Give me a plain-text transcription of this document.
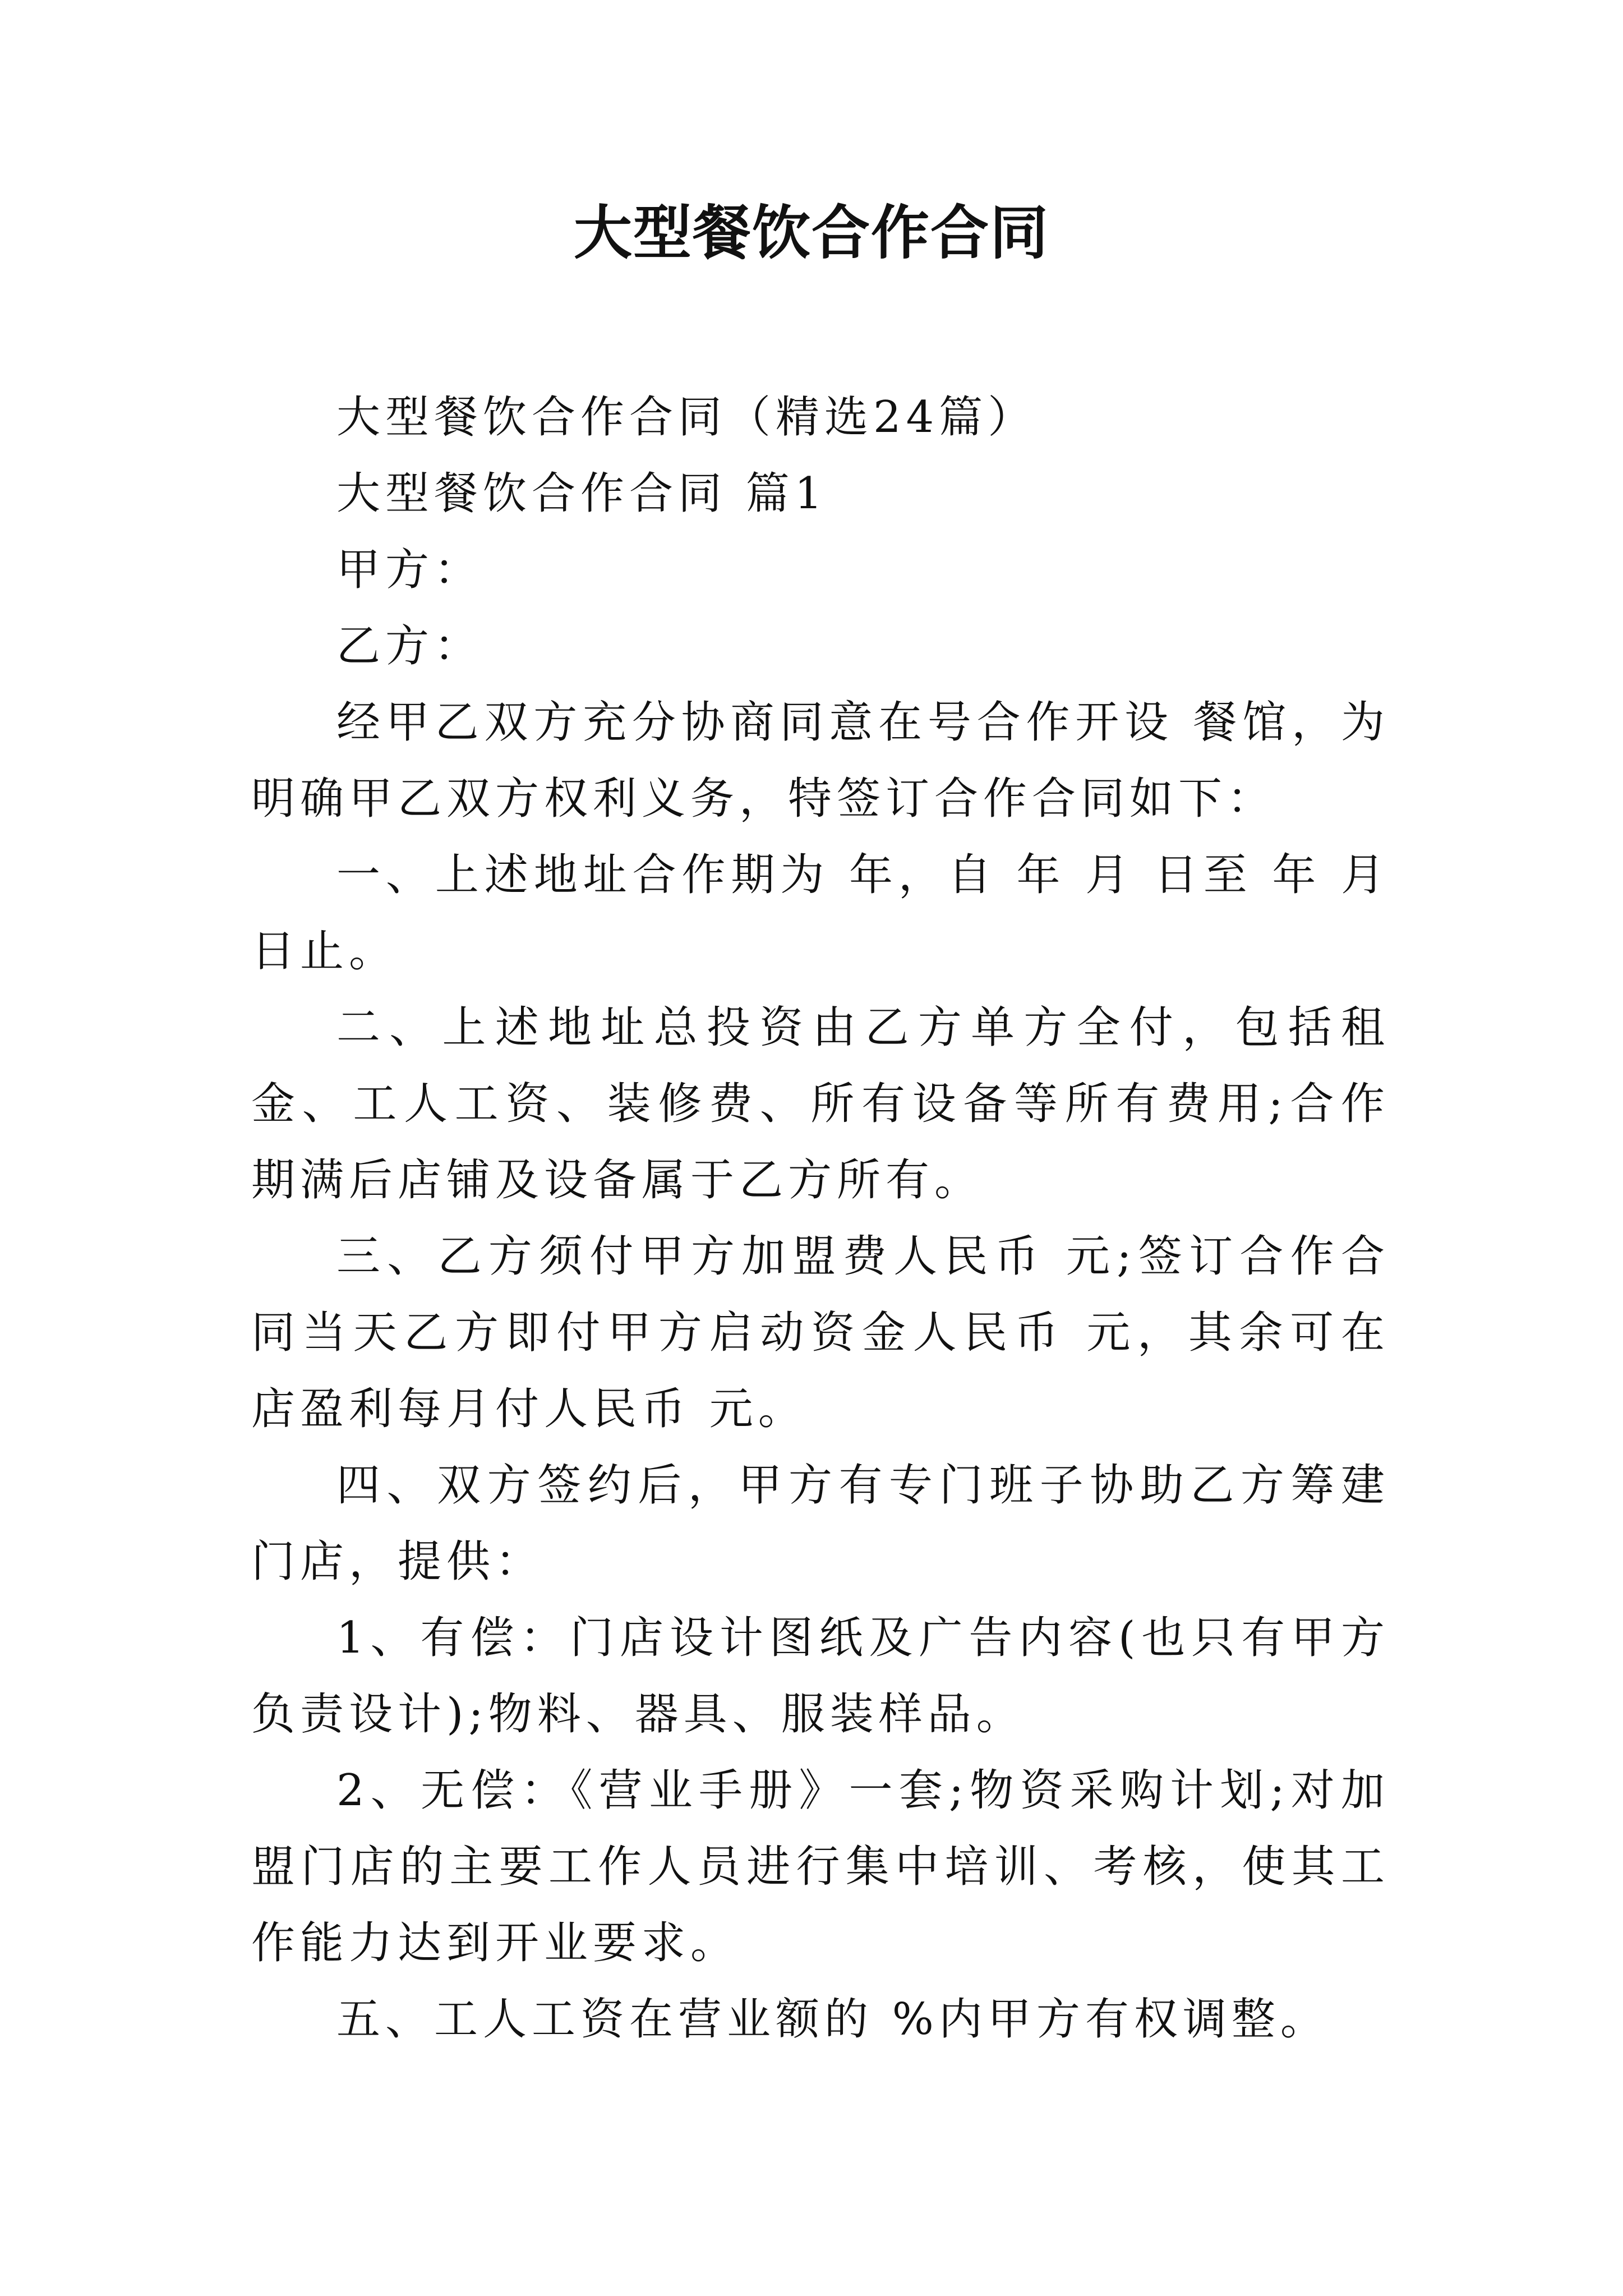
大型餐饮合作合同

大型餐饮合作合同（精选24篇）

大型餐饮合作合同 篇1

甲方：

乙方：

经甲乙双方充分协商同意在号合作开设 餐馆，为明确甲乙双方权利义务，特签订合作合同如下：

一、上述地址合作期为 年，自 年 月 日至 年 月 日止。

二、上述地址总投资由乙方单方全付，包括租金、工人工资、装修费、所有设备等所有费用;合作期满后店铺及设备属于乙方所有。

三、乙方须付甲方加盟费人民币 元;签订合作合同当天乙方即付甲方启动资金人民币 元，其余可在店盈利每月付人民币 元。

四、双方签约后，甲方有专门班子协助乙方筹建门店，提供：

1、有偿：门店设计图纸及广告内容(也只有甲方负责设计);物料、器具、服装样品。

2、无偿：《营业手册》一套;物资采购计划;对加盟门店的主要工作人员进行集中培训、考核，使其工作能力达到开业要求。

五、工人工资在营业额的 %内甲方有权调整。
